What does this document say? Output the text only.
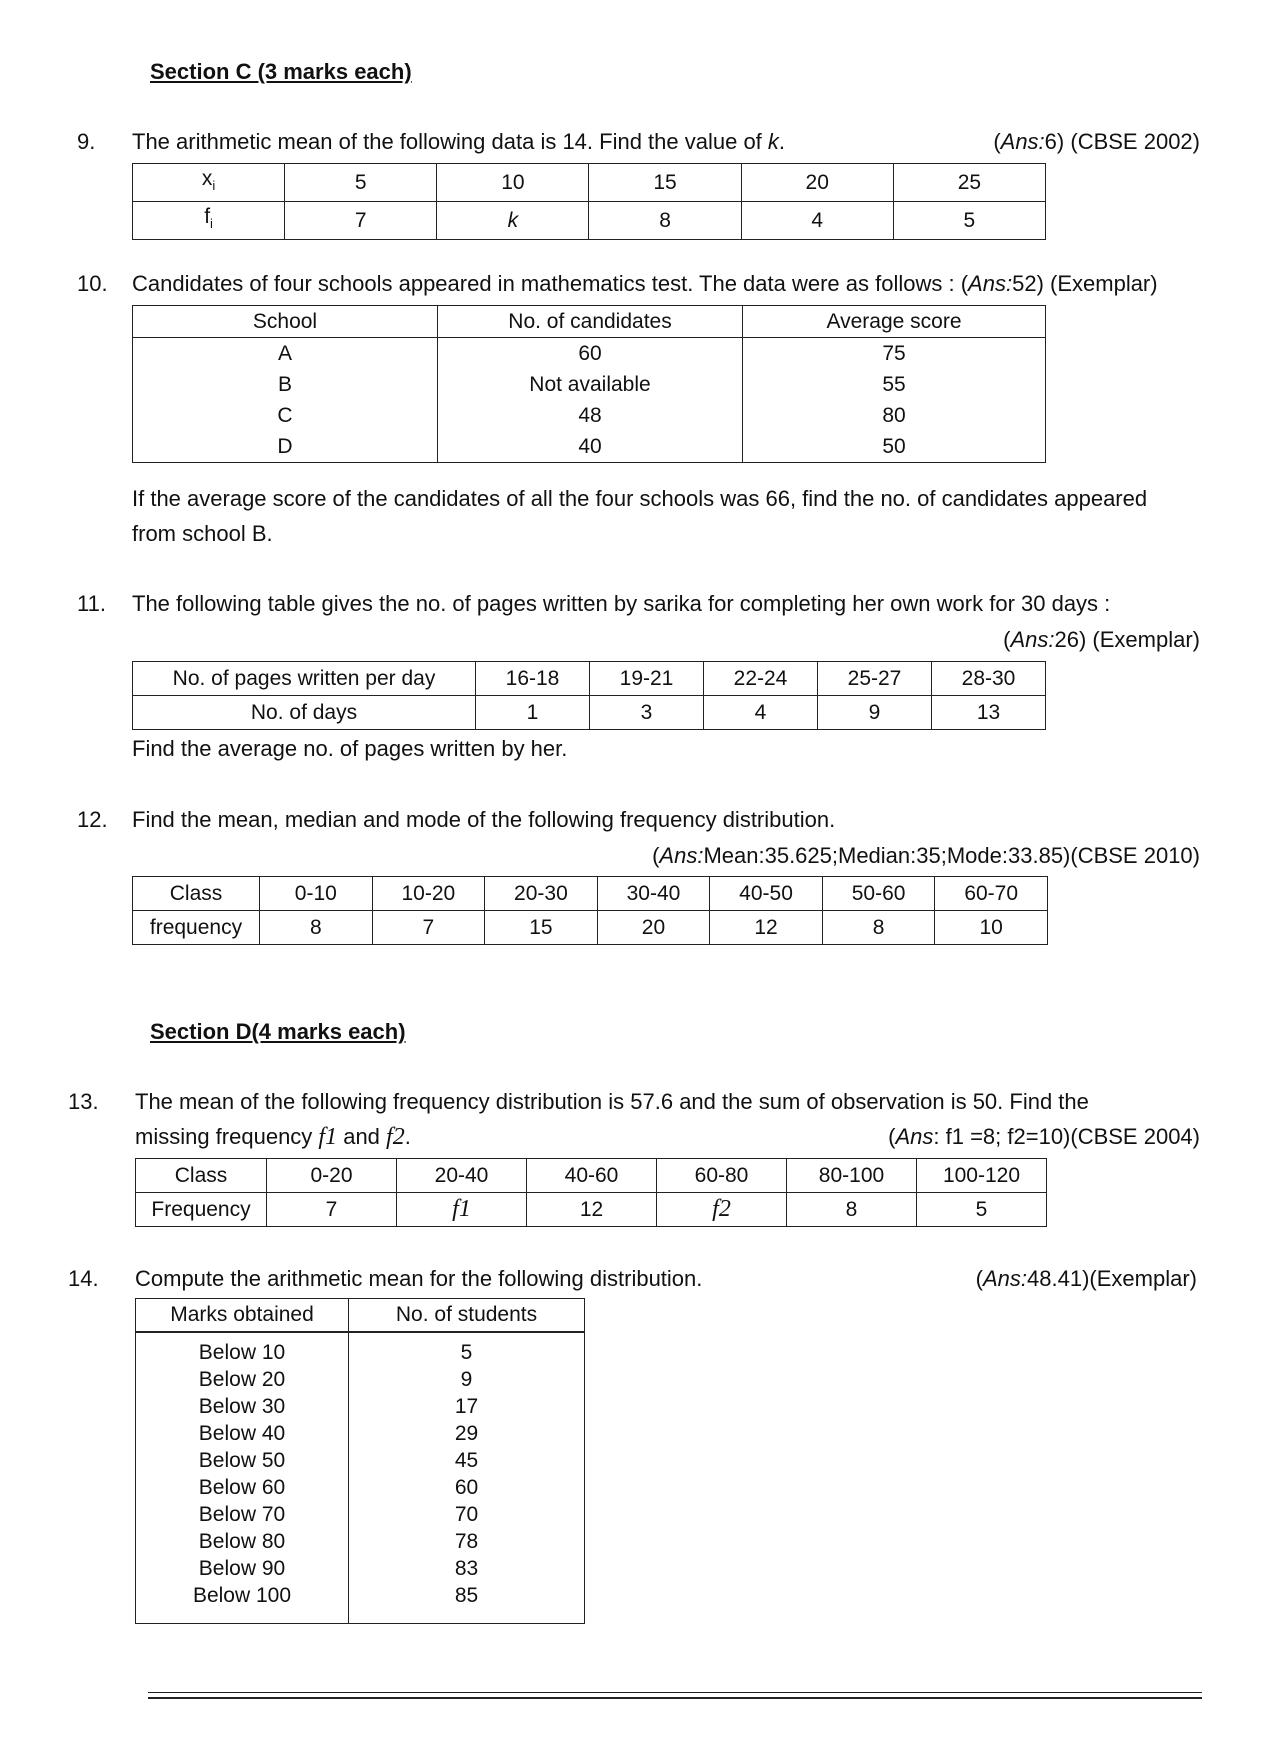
Section C (3 marks each)
9.	The arithmetic mean of the following data is 14. Find the value of k.	(Ans:6) (CBSE 2002)
$x_i$	5	10	15	20	25
$f_i$	7	k	8	4	5
10.	Candidates of four schools appeared in mathematics test. The data were as follows : (Ans:52) (Exemplar)
School	No. of candidates	Average score
A	60	75
B	Not available	55
C	48	80
D	40	50
If the average score of the candidates of all the four schools was 66, find the no. of candidates appeared
from school B.
11.	The following table gives the no. of pages written by sarika for completing her own work for 30 days :
(Ans:26) (Exemplar)
No. of pages written per day	16-18	19-21	22-24	25-27	28-30
No. of days	1	3	4	9	13
Find the average no. of pages written by her.
12.	Find the mean, median and mode of the following frequency distribution.
(Ans:Mean:35.625;Median:35;Mode:33.85)(CBSE 2010)
Class	0-10	10-20	20-30	30-40	40-50	50-60	60-70
frequency	8	7	15	20	12	8	10
Section D(4 marks each)
13.	The mean of the following frequency distribution is 57.6 and the sum of observation is 50. Find the
missing frequency f1 and f2.	(Ans: f1 =8; f2=10)(CBSE 2004)
Class	0-20	20-40	40-60	60-80	80-100	100-120
Frequency	7	f1	12	f2	8	5
14.	Compute the arithmetic mean for the following distribution.	(Ans:48.41)(Exemplar)
Marks obtained	No. of students

Below 10	5
Below 20	9
Below 30	17
Below 40	29
Below 50	45
Below 60	60
Below 70	70
Below 80	78
Below 90	83
Below 100	85
